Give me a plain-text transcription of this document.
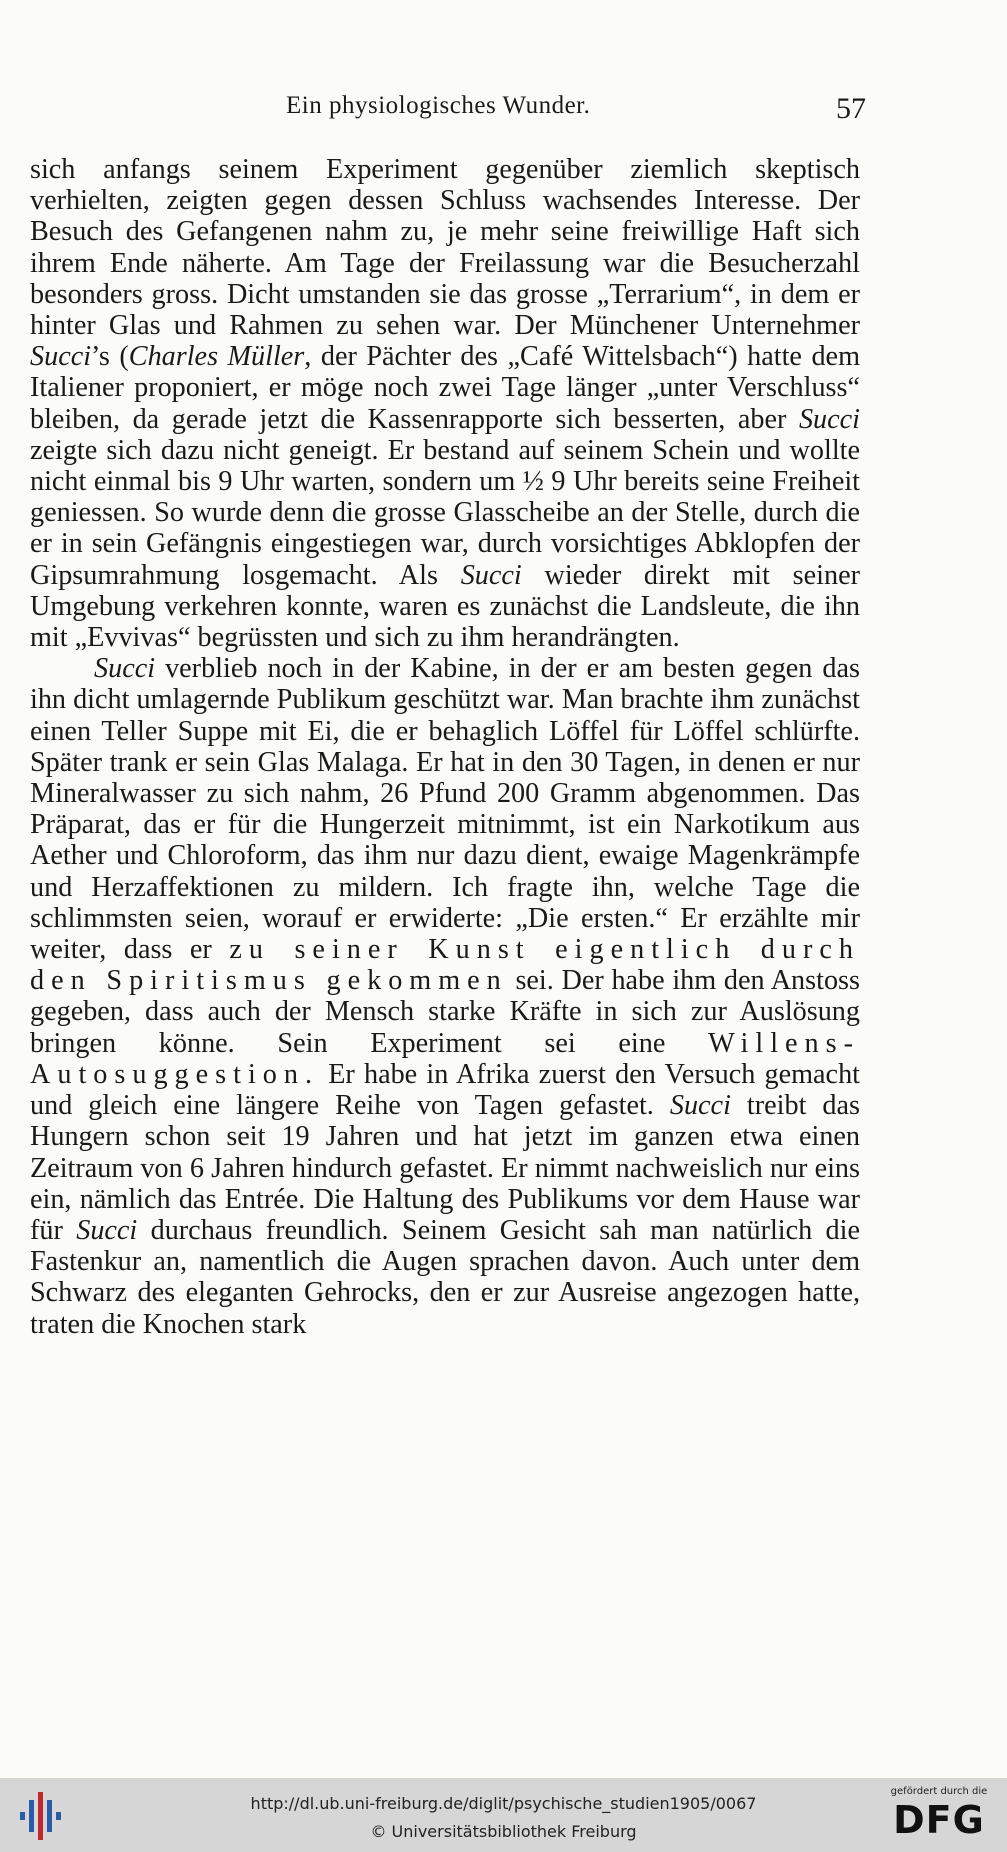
Ein physiologisches Wunder.	57

sich anfangs seinem Experiment gegenüber ziemlich skeptisch verhielten, zeigten gegen dessen Schluss wachsendes Interesse. Der Besuch des Gefangenen nahm zu, je mehr seine freiwillige Haft sich ihrem Ende näherte. Am Tage der Freilassung war die Besucherzahl besonders gross. Dicht umstanden sie das grosse „Terrarium“, in dem er hinter Glas und Rahmen zu sehen war. Der Münchener Unternehmer Succi’s (Charles Müller, der Pächter des „Café Wittelsbach“) hatte dem Italiener proponiert, er möge noch zwei Tage länger „unter Verschluss“ bleiben, da gerade jetzt die Kassenrapporte sich besserten, aber Succi zeigte sich dazu nicht geneigt. Er bestand auf seinem Schein und wollte nicht einmal bis 9 Uhr warten, sondern um ½ 9 Uhr bereits seine Freiheit geniessen. So wurde denn die grosse Glasscheibe an der Stelle, durch die er in sein Gefängnis eingestiegen war, durch vorsichtiges Abklopfen der Gipsumrahmung losgemacht. Als Succi wieder direkt mit seiner Umgebung verkehren konnte, waren es zunächst die Landsleute, die ihn mit „Evvivas“ begrüssten und sich zu ihm herandrängten.

Succi verblieb noch in der Kabine, in der er am besten gegen das ihn dicht umlagernde Publikum geschützt war. Man brachte ihm zunächst einen Teller Suppe mit Ei, die er behaglich Löffel für Löffel schlürfte. Später trank er sein Glas Malaga. Er hat in den 30 Tagen, in denen er nur Mineralwasser zu sich nahm, 26 Pfund 200 Gramm abgenommen. Das Präparat, das er für die Hungerzeit mitnimmt, ist ein Narkotikum aus Aether und Chloroform, das ihm nur dazu dient, ewaige Magenkrämpfe und Herzaffektionen zu mildern. Ich fragte ihn, welche Tage die schlimmsten seien, worauf er erwiderte: „Die ersten.“ Er erzählte mir weiter, dass er zu seiner Kunst eigentlich durch den Spiritismus gekommen sei. Der habe ihm den Anstoss gegeben, dass auch der Mensch starke Kräfte in sich zur Auslösung bringen könne. Sein Experiment sei eine Willens-Autosuggestion. Er habe in Afrika zuerst den Versuch gemacht und gleich eine längere Reihe von Tagen gefastet. Succi treibt das Hungern schon seit 19 Jahren und hat jetzt im ganzen etwa einen Zeitraum von 6 Jahren hindurch gefastet. Er nimmt nachweislich nur eins ein, nämlich das Entrée. Die Haltung des Publikums vor dem Hause war für Succi durchaus freundlich. Seinem Gesicht sah man natürlich die Fastenkur an, namentlich die Augen sprachen davon. Auch unter dem Schwarz des eleganten Gehrocks, den er zur Ausreise angezogen hatte, traten die Knochen stark

http://dl.ub.uni-freiburg.de/diglit/psychische_studien1905/0067
© Universitätsbibliothek Freiburg
gefördert durch die
DFG
